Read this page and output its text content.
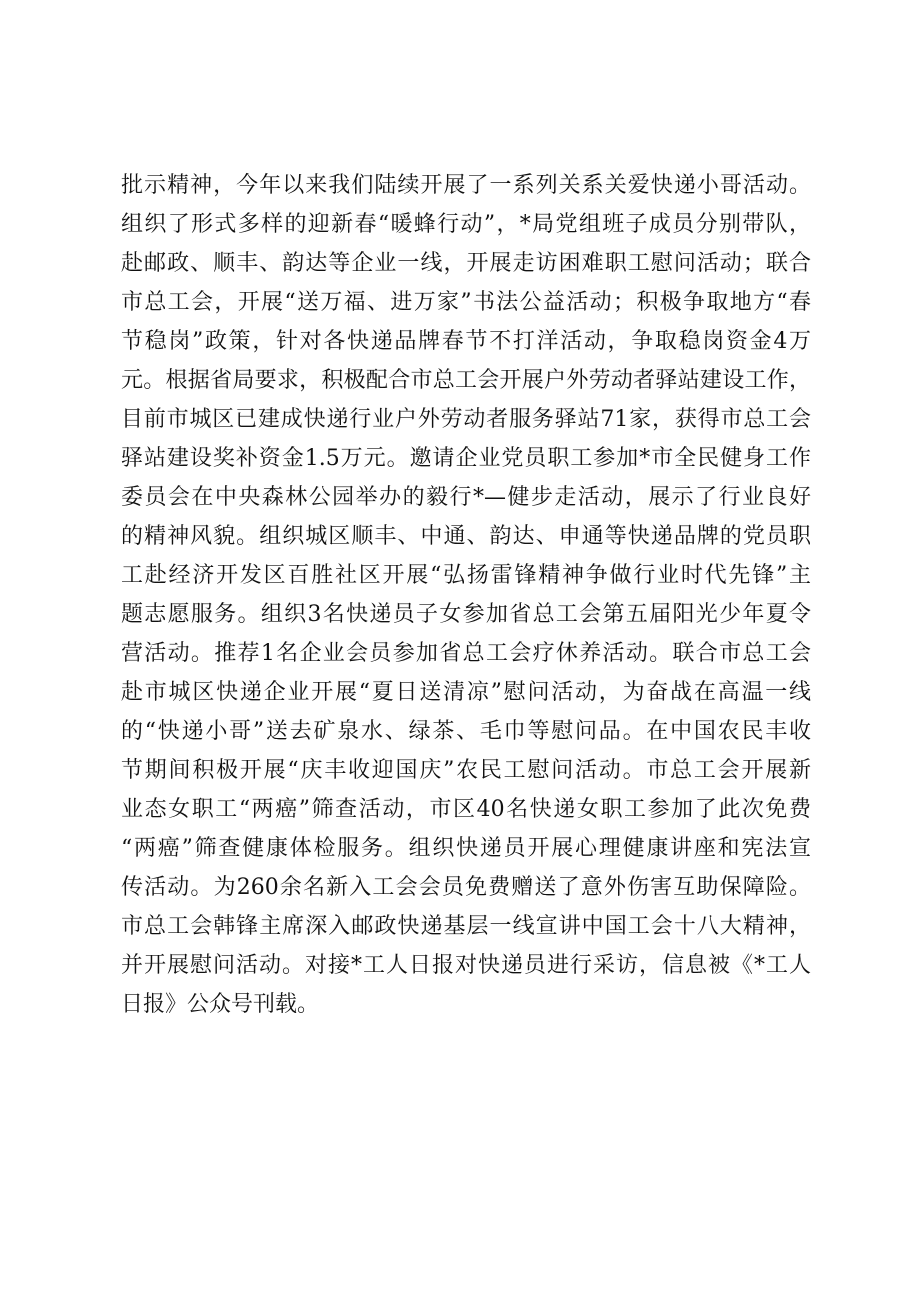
批示精神，今年以来我们陆续开展了一系列关系关爱快递小哥活动。
组织了形式多样的迎新春“暖蜂行动”，*局党组班子成员分别带队，
赴邮政、顺丰、韵达等企业一线，开展走访困难职工慰问活动；联合
市总工会，开展“送万福、进万家”书法公益活动；积极争取地方“春
节稳岗”政策，针对各快递品牌春节不打洋活动，争取稳岗资金4万
元。根据省局要求，积极配合市总工会开展户外劳动者驿站建设工作，
目前市城区已建成快递行业户外劳动者服务驿站71家，获得市总工会
驿站建设奖补资金1.5万元。邀请企业党员职工参加*市全民健身工作
委员会在中央森林公园举办的毅行*—健步走活动，展示了行业良好
的精神风貌。组织城区顺丰、中通、韵达、申通等快递品牌的党员职
工赴经济开发区百胜社区开展“弘扬雷锋精神争做行业时代先锋”主
题志愿服务。组织3名快递员子女参加省总工会第五届阳光少年夏令
营活动。推荐1名企业会员参加省总工会疗休养活动。联合市总工会
赴市城区快递企业开展“夏日送清凉”慰问活动，为奋战在高温一线
的“快递小哥”送去矿泉水、绿茶、毛巾等慰问品。在中国农民丰收
节期间积极开展“庆丰收迎国庆”农民工慰问活动。市总工会开展新
业态女职工“两癌”筛查活动，市区40名快递女职工参加了此次免费
“两癌”筛查健康体检服务。组织快递员开展心理健康讲座和宪法宣
传活动。为260余名新入工会会员免费赠送了意外伤害互助保障险。
市总工会韩锋主席深入邮政快递基层一线宣讲中国工会十八大精神，
并开展慰问活动。对接*工人日报对快递员进行采访，信息被《*工人
日报》公众号刊载。
